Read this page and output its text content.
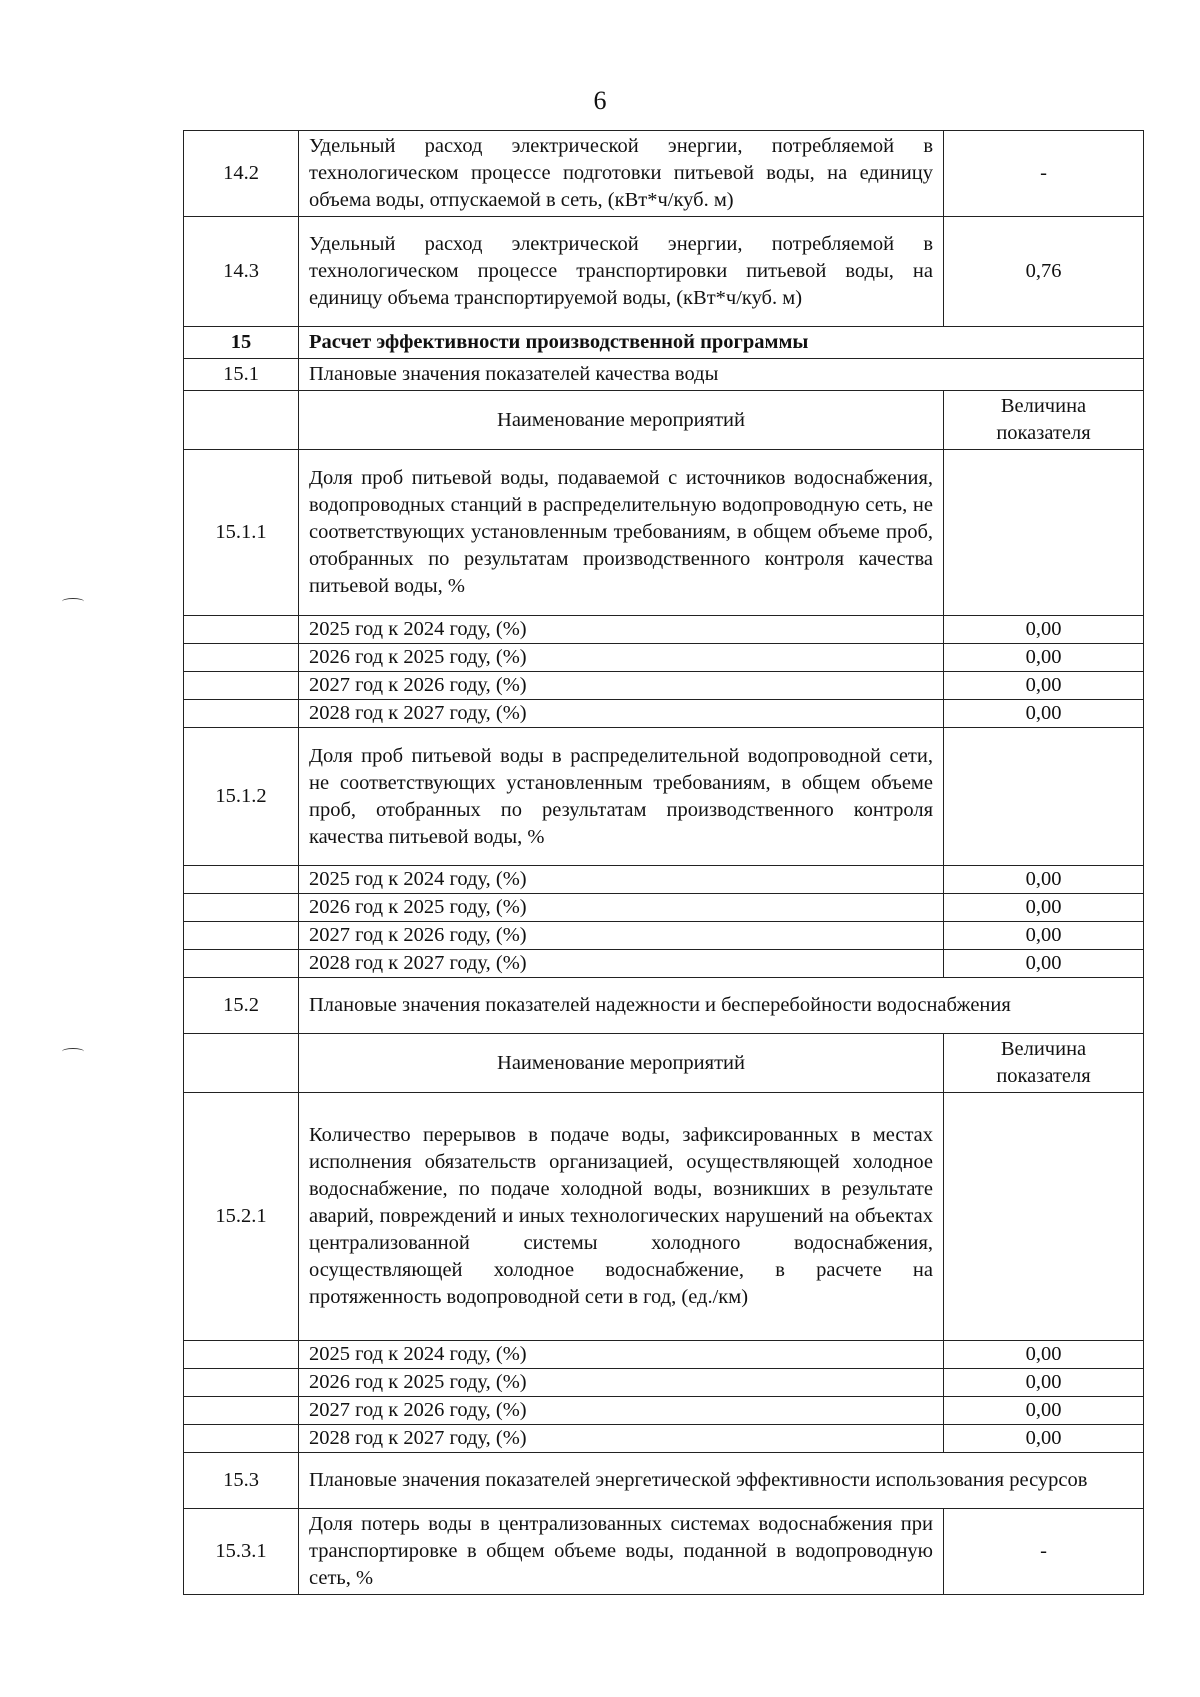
6
14.2	Удельный расход электрической энергии, потребляемой в технологическом процессе подготовки питьевой воды, на единицу объема воды, отпускаемой в сеть, (кВт*ч/куб. м)	-
14.3	Удельный расход электрической энергии, потребляемой в технологическом процессе транспортировки питьевой воды, на единицу объема транспортируемой воды, (кВт*ч/куб. м)	0,76
15	Расчет эффективности производственной программы	
15.1	Плановые значения показателей качества воды	
	Наименование мероприятий	Величина показателя
15.1.1	Доля проб питьевой воды, подаваемой с источников водоснабжения, водопроводных станций в распределительную водопроводную сеть, не соответствующих установленным требованиям, в общем объеме проб, отобранных по результатам производственного контроля качества питьевой воды, %	
	2025 год к 2024 году, (%)	0,00
	2026 год к 2025 году, (%)	0,00
	2027 год к 2026 году, (%)	0,00
	2028 год к 2027 году, (%)	0,00
15.1.2	Доля проб питьевой воды в распределительной водопроводной сети, не соответствующих установленным требованиям, в общем объеме проб, отобранных по результатам производственного контроля качества питьевой воды, %	
	2025 год к 2024 году, (%)	0,00
	2026 год к 2025 году, (%)	0,00
	2027 год к 2026 году, (%)	0,00
	2028 год к 2027 году, (%)	0,00
15.2	Плановые значения показателей надежности и бесперебойности водоснабжения	
	Наименование мероприятий	Величина показателя
15.2.1	Количество перерывов в подаче воды, зафиксированных в местах исполнения обязательств организацией, осуществляющей холодное водоснабжение, по подаче холодной воды, возникших в результате аварий, повреждений и иных технологических нарушений на объектах централизованной системы холодного водоснабжения, осуществляющей холодное водоснабжение, в расчете на протяженность водопроводной сети в год, (ед./км)	
	2025 год к 2024 году, (%)	0,00
	2026 год к 2025 году, (%)	0,00
	2027 год к 2026 году, (%)	0,00
	2028 год к 2027 году, (%)	0,00
15.3	Плановые значения показателей энергетической эффективности использования ресурсов	
15.3.1	Доля потерь воды в централизованных системах водоснабжения при транспортировке в общем объеме воды, поданной в водопроводную сеть, %	-
